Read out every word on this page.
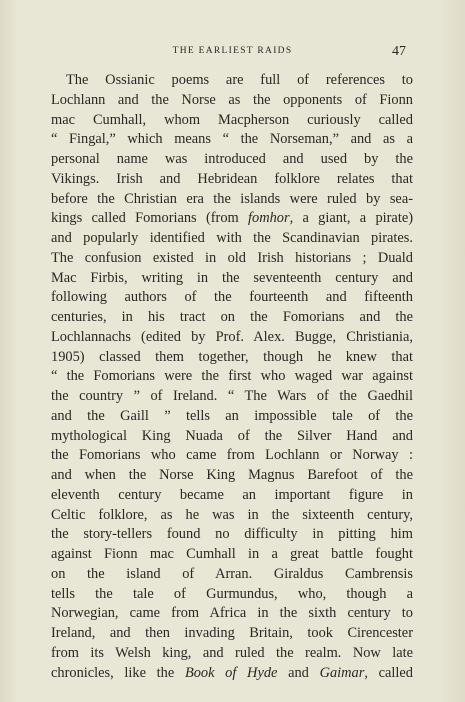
THE EARLIEST RAIDS	47
The Ossianic poems are full of references to
Lochlann and the Norse as the opponents of Fionn
mac Cumhall, whom Macpherson curiously called
“ Fingal,” which means “ the Norseman,” and as a
personal name was introduced and used by the
Vikings. Irish and Hebridean folklore relates that
before the Christian era the islands were ruled by sea-
kings called Fomorians (from fomhor, a giant, a pirate)
and popularly identified with the Scandinavian pirates.
The confusion existed in old Irish historians ; Duald
Mac Firbis, writing in the seventeenth century and
following authors of the fourteenth and fifteenth
centuries, in his tract on the Fomorians and the
Lochlannachs (edited by Prof. Alex. Bugge, Christiania,
1905) classed them together, though he knew that
“ the Fomorians were the first who waged war against
the country ” of Ireland. “ The Wars of the Gaedhil
and the Gaill ” tells an impossible tale of the
mythological King Nuada of the Silver Hand and
the Fomorians who came from Lochlann or Norway :
and when the Norse King Magnus Barefoot of the
eleventh century became an important figure in
Celtic folklore, as he was in the sixteenth century,
the story-tellers found no difficulty in pitting him
against Fionn mac Cumhall in a great battle fought
on the island of Arran. Giraldus Cambrensis
tells the tale of Gurmundus, who, though a
Norwegian, came from Africa in the sixth century to
Ireland, and then invading Britain, took Cirencester
from its Welsh king, and ruled the realm. Now late
chronicles, like the Book of Hyde and Gaimar, called
